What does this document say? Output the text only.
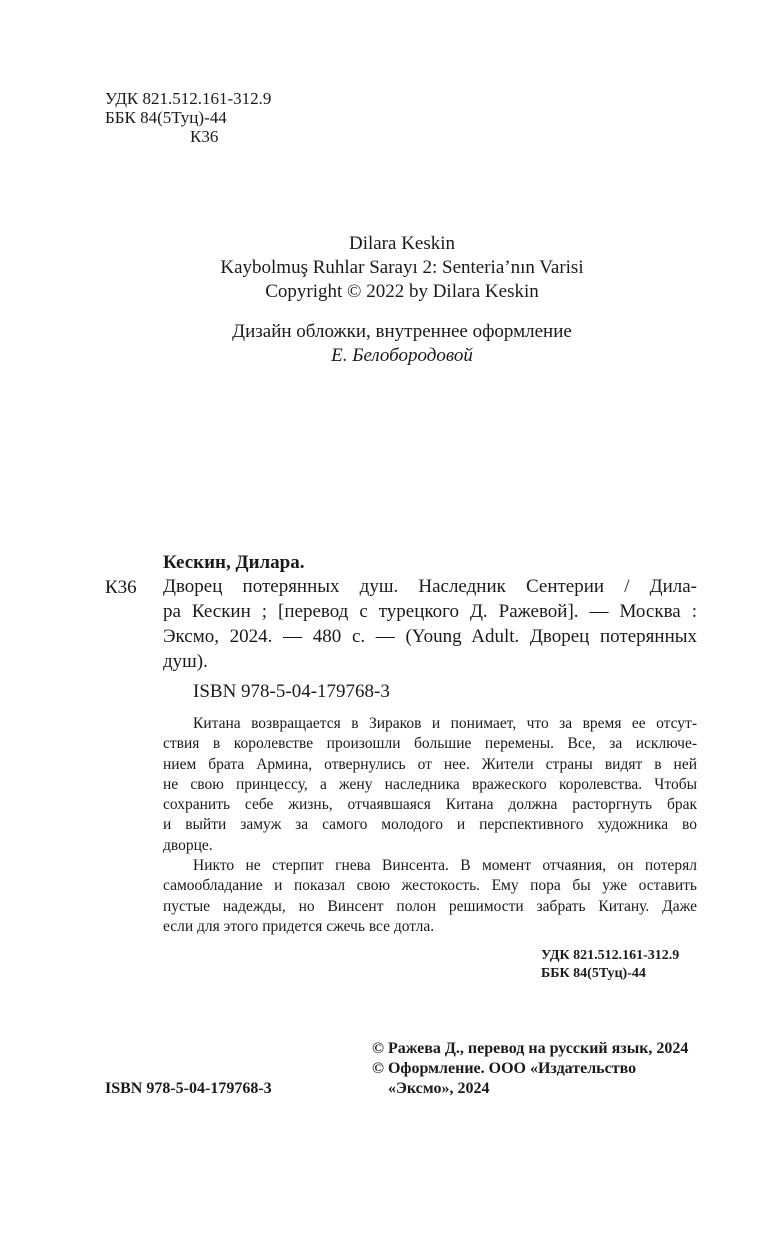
УДК 821.512.161-312.9
ББК 84(5Туц)-44
К36
Dilara Keskin
Kaybolmuş Ruhlar Sarayı 2: Senteria’nın Varisi
Copyright © 2022 by Dilara Keskin
Дизайн обложки, внутреннее оформление
Е. Белобородовой
Кескин, Дилара.
К36 Дворец потерянных душ. Наследник Сентерии / Дила-
ра Кескин ; [перевод с турецкого Д. Ражевой]. — Москва :
Эксмо, 2024. — 480 с. — (Young Adult. Дворец потерянных
душ).
ISBN 978-5-04-179768-3
Китана возвращается в Зираков и понимает, что за время ее отсут-
ствия в королевстве произошли большие перемены. Все, за исключе-
нием брата Армина, отвернулись от нее. Жители страны видят в ней
не свою принцессу, а жену наследника вражеского королевства. Чтобы
сохранить себе жизнь, отчаявшаяся Китана должна расторгнуть брак
и выйти замуж за самого молодого и перспективного художника во
дворце.
Никто не стерпит гнева Винсента. В момент отчаяния, он потерял
самообладание и показал свою жестокость. Ему пора бы уже оставить
пустые надежды, но Винсент полон решимости забрать Китану. Даже
если для этого придется сжечь все дотла.
УДК 821.512.161-312.9
ББК 84(5Туц)-44
© Ражева Д., перевод на русский язык, 2024
© Оформление. ООО «Издательство
«Эксмо», 2024
ISBN 978-5-04-179768-3
